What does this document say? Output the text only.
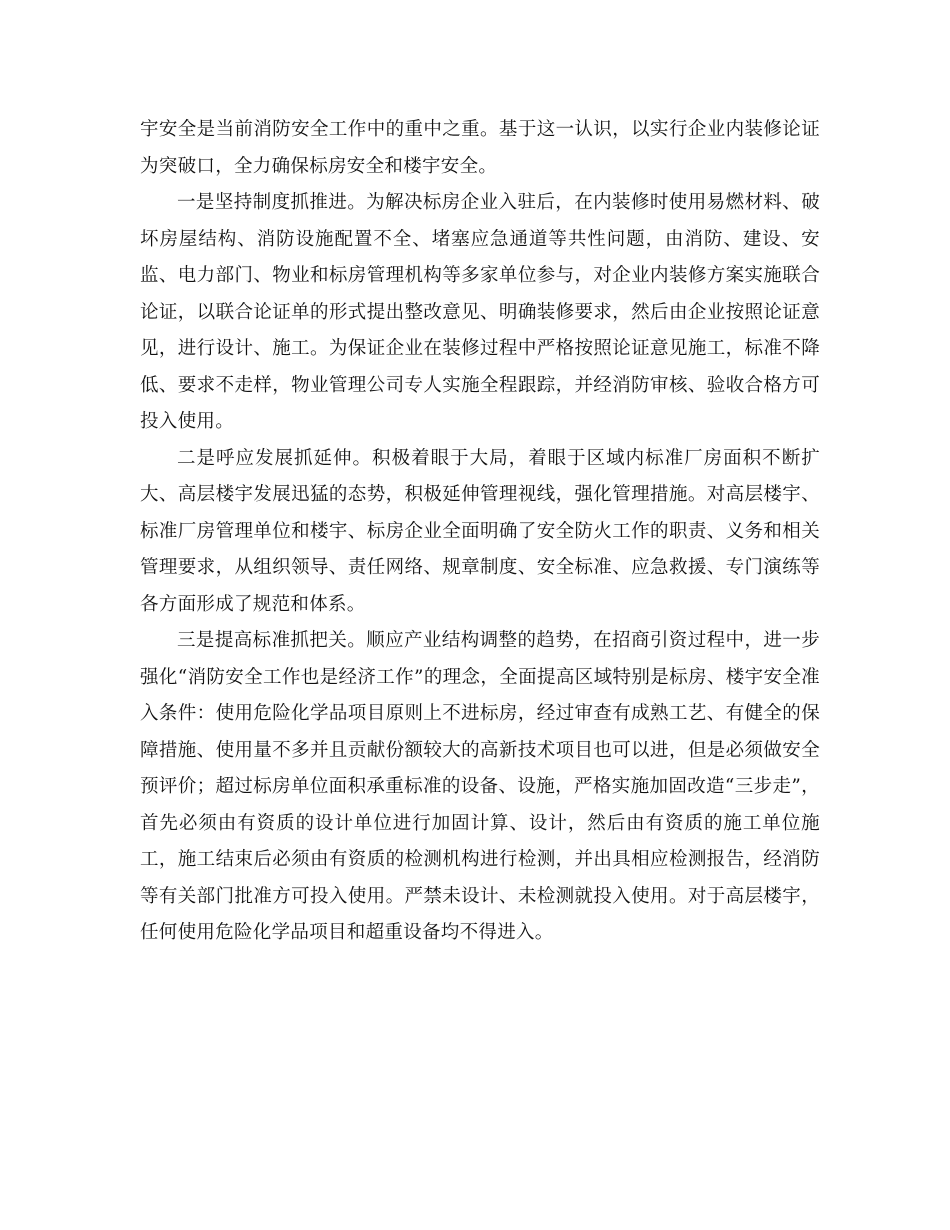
宇安全是当前消防安全工作中的重中之重。基于这一认识，以实行企业内装修论证为突破口，全力确保标房安全和楼宇安全。

一是坚持制度抓推进。为解决标房企业入驻后，在内装修时使用易燃材料、破坏房屋结构、消防设施配置不全、堵塞应急通道等共性问题，由消防、建设、安监、电力部门、物业和标房管理机构等多家单位参与，对企业内装修方案实施联合论证，以联合论证单的形式提出整改意见、明确装修要求，然后由企业按照论证意见，进行设计、施工。为保证企业在装修过程中严格按照论证意见施工，标准不降低、要求不走样，物业管理公司专人实施全程跟踪，并经消防审核、验收合格方可投入使用。

二是呼应发展抓延伸。积极着眼于大局，着眼于区域内标准厂房面积不断扩大、高层楼宇发展迅猛的态势，积极延伸管理视线，强化管理措施。对高层楼宇、标准厂房管理单位和楼宇、标房企业全面明确了安全防火工作的职责、义务和相关管理要求，从组织领导、责任网络、规章制度、安全标准、应急救援、专门演练等各方面形成了规范和体系。

三是提高标准抓把关。顺应产业结构调整的趋势，在招商引资过程中，进一步强化“消防安全工作也是经济工作”的理念，全面提高区域特别是标房、楼宇安全准入条件：使用危险化学品项目原则上不进标房，经过审查有成熟工艺、有健全的保障措施、使用量不多并且贡献份额较大的高新技术项目也可以进，但是必须做安全预评价；超过标房单位面积承重标准的设备、设施，严格实施加固改造“三步走”，首先必须由有资质的设计单位进行加固计算、设计，然后由有资质的施工单位施工，施工结束后必须由有资质的检测机构进行检测，并出具相应检测报告，经消防等有关部门批准方可投入使用。严禁未设计、未检测就投入使用。对于高层楼宇，任何使用危险化学品项目和超重设备均不得进入。
